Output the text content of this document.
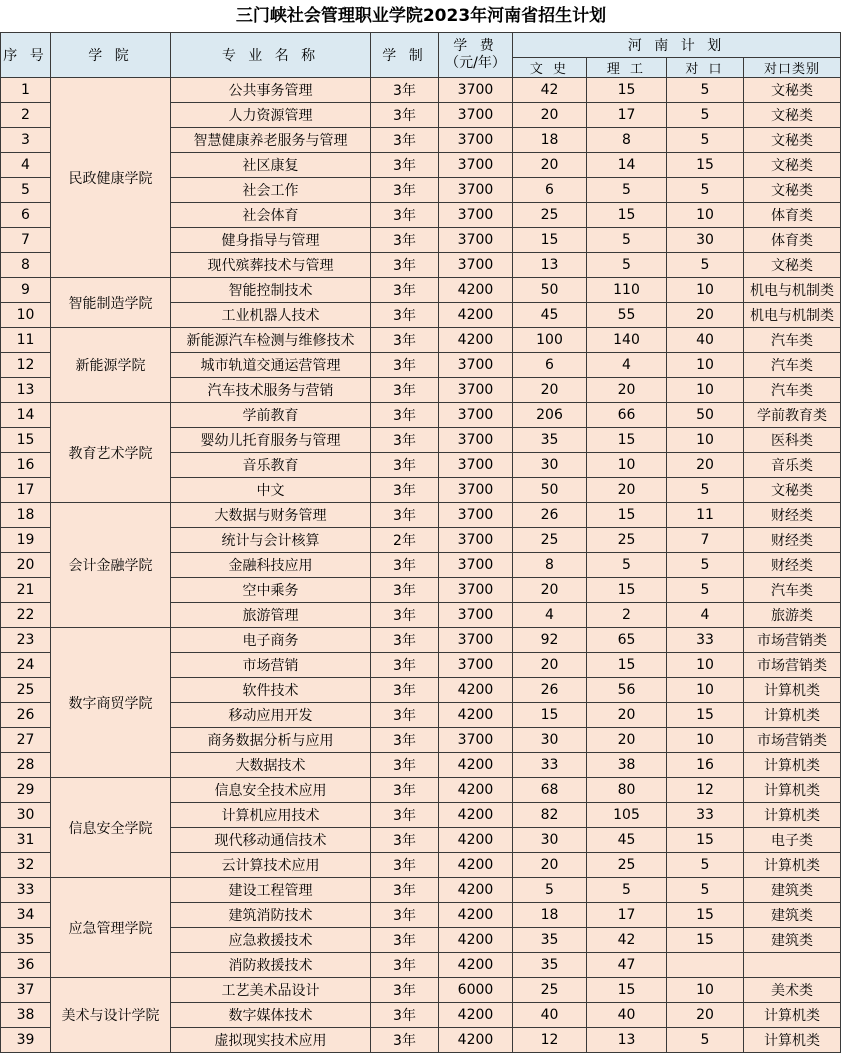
三门峡社会管理职业学院2023年河南省招生计划
序 号	学 院	专 业 名 称	学 制	学 费
（元/年）	河 南 计 划			
					文 史	理 工	对 口	对口类别
1	民政健康学院	公共事务管理	3年	3700	42	15	5	文秘类
2		人力资源管理	3年	3700	20	17	5	文秘类
3		智慧健康养老服务与管理	3年	3700	18	8	5	文秘类
4		社区康复	3年	3700	20	14	15	文秘类
5		社会工作	3年	3700	6	5	5	文秘类
6		社会体育	3年	3700	25	15	10	体育类
7		健身指导与管理	3年	3700	15	5	30	体育类
8		现代殡葬技术与管理	3年	3700	13	5	5	文秘类
9	智能制造学院	智能控制技术	3年	4200	50	110	10	机电与机制类
10		工业机器人技术	3年	4200	45	55	20	机电与机制类
11	新能源学院	新能源汽车检测与维修技术	3年	4200	100	140	40	汽车类
12		城市轨道交通运营管理	3年	3700	6	4	10	汽车类
13		汽车技术服务与营销	3年	3700	20	20	10	汽车类
14	教育艺术学院	学前教育	3年	3700	206	66	50	学前教育类
15		婴幼儿托育服务与管理	3年	3700	35	15	10	医科类
16		音乐教育	3年	3700	30	10	20	音乐类
17		中文	3年	3700	50	20	5	文秘类
18	会计金融学院	大数据与财务管理	3年	3700	26	15	11	财经类
19		统计与会计核算	2年	3700	25	25	7	财经类
20		金融科技应用	3年	3700	8	5	5	财经类
21		空中乘务	3年	3700	20	15	5	汽车类
22		旅游管理	3年	3700	4	2	4	旅游类
23	数字商贸学院	电子商务	3年	3700	92	65	33	市场营销类
24		市场营销	3年	3700	20	15	10	市场营销类
25		软件技术	3年	4200	26	56	10	计算机类
26		移动应用开发	3年	4200	15	20	15	计算机类
27		商务数据分析与应用	3年	3700	30	20	10	市场营销类
28		大数据技术	3年	4200	33	38	16	计算机类
29	信息安全学院	信息安全技术应用	3年	4200	68	80	12	计算机类
30		计算机应用技术	3年	4200	82	105	33	计算机类
31		现代移动通信技术	3年	4200	30	45	15	电子类
32		云计算技术应用	3年	4200	20	25	5	计算机类
33	应急管理学院	建设工程管理	3年	4200	5	5	5	建筑类
34		建筑消防技术	3年	4200	18	17	15	建筑类
35		应急救援技术	3年	4200	35	42	15	建筑类
36		消防救援技术	3年	4200	35	47		
37	美术与设计学院	工艺美术品设计	3年	6000	25	15	10	美术类
38		数字媒体技术	3年	4200	40	40	20	计算机类
39		虚拟现实技术应用	3年	4200	12	13	5	计算机类
